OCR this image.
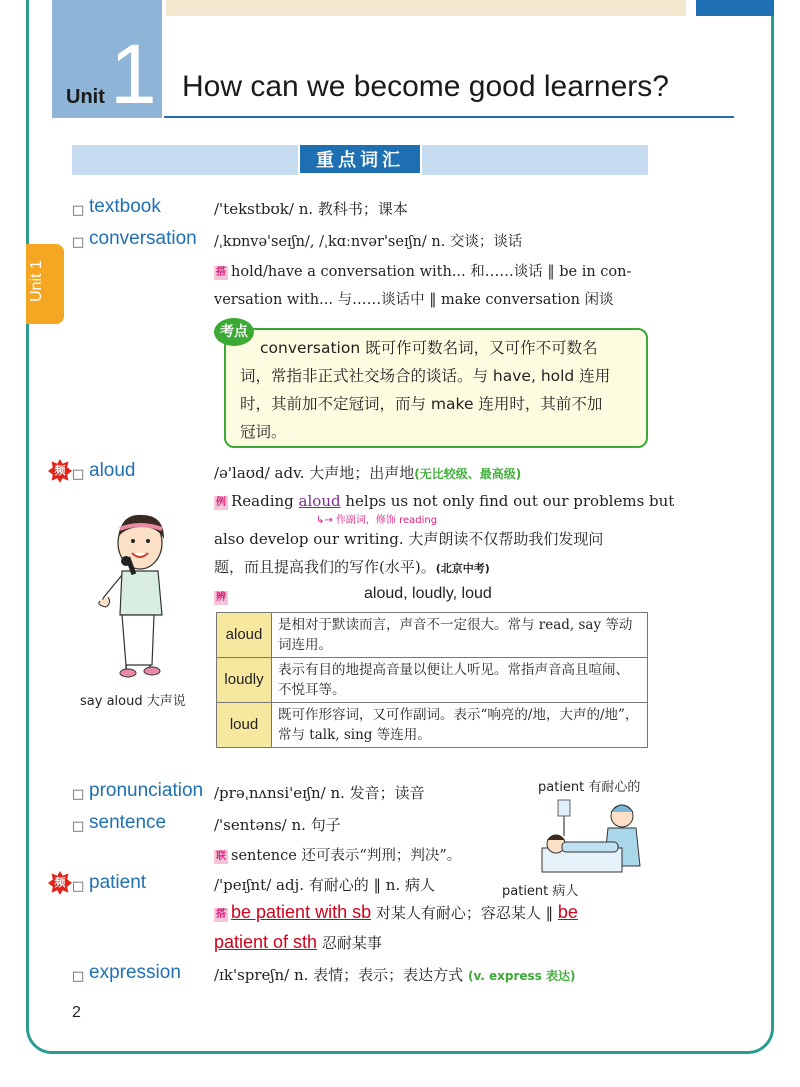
Unit 1 How can we become good learners?
Unit 1
重点词汇
□ textbook	/'tekstbʊk/ n. 教科书；课本
□ conversation /ˌkɒnvə'seɪʃn/, /ˌkɑːnvər'seɪʃn/ n. 交谈；谈话
搭 hold/have a conversation with... 和……谈话 ‖ be in con-
versation with... 与……谈话中 ‖ make conversation 闲谈
考点
conversation 既可作可数名词，又可作不可数名
词，常指非正式社交场合的谈话。与 have, hold 连用
时，其前加不定冠词，而与 make 连用时，其前不加
冠词。
频 □ aloud	/ə'laʊd/ adv. 大声地；出声地(无比较级、最高级)
例 Reading aloud helps us not only find out our problems but
↳→ 作副词，修饰 reading
also develop our writing. 大声朗读不仅帮助我们发现问
题，而且提高我们的写作(水平)。(北京中考)
辨	aloud, loudly, loud
aloud	是相对于默读而言，声音不一定很大。常与 read, say 等动词连用。
loudly	表示有目的地提高音量以便让人听见。常指声音高且喧闹、不悦耳等。
loud	既可作形容词，又可作副词。表示“响亮的/地，大声的/地”，常与 talk, sing 等连用。
say aloud 大声说
□ pronunciation /prəˌnʌnsi'eɪʃn/ n. 发音；读音
□ sentence	/'sentəns/ n. 句子
联 sentence 还可表示“判刑；判决”。
patient 有耐心的
patient 病人
频 □ patient	/'peɪʃnt/ adj. 有耐心的 ‖ n. 病人
搭 be patient with sb 对某人有耐心；容忍某人 ‖ be
patient of sth 忍耐某事
□ expression /ɪk'spreʃn/ n. 表情；表示；表达方式 (v. express 表达)
2
